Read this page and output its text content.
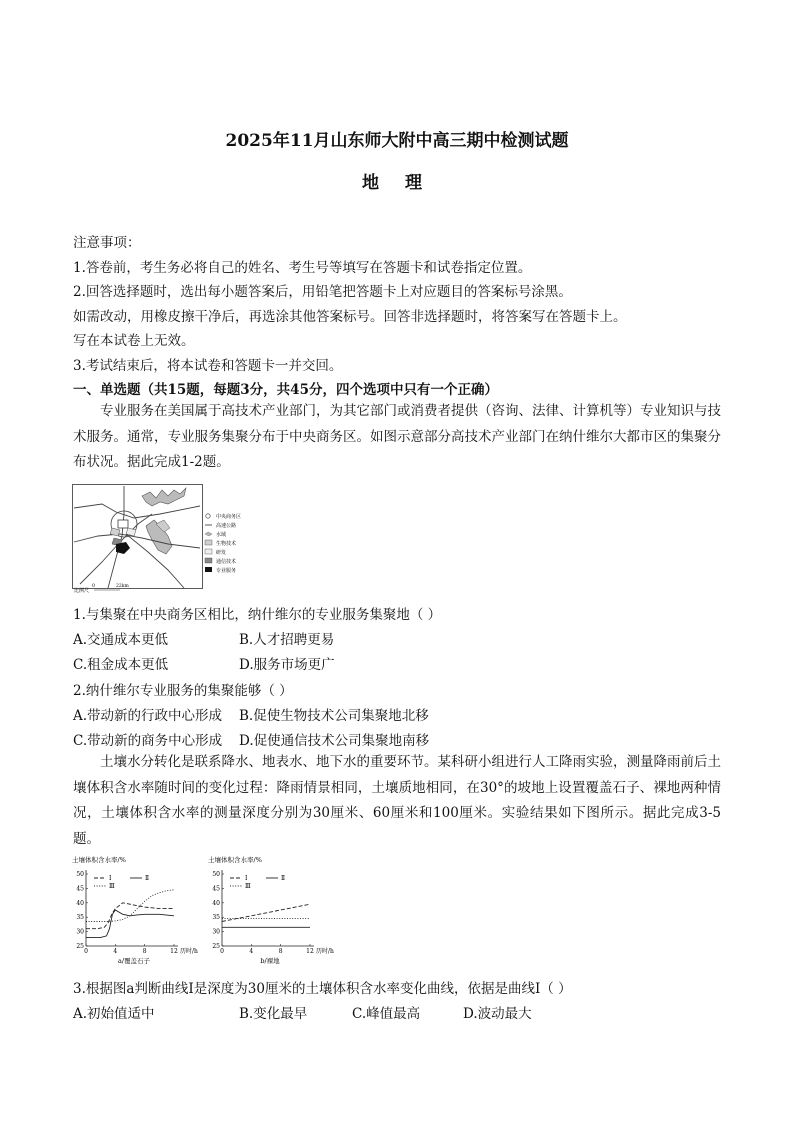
2025年11月山东师大附中高三期中检测试题
地 理
注意事项：
1.答卷前，考生务必将自己的姓名、考生号等填写在答题卡和试卷指定位置。
2.回答选择题时，选出每小题答案后，用铅笔把答题卡上对应题目的答案标号涂黑。
如需改动，用橡皮擦干净后，再选涂其他答案标号。回答非选择题时，将答案写在答题卡上。
写在本试卷上无效。
3.考试结束后，将本试卷和答题卡一并交回。
一、单选题（共15题，每题3分，共45分，四个选项中只有一个正确）

专业服务在美国属于高技术产业部门，为其它部门或消费者提供（咨询、法律、计算机等）专业知识与技术服务。通常，专业服务集聚分布于中央商务区。如图示意部分高技术产业部门在纳什维尔大都市区的集聚分布状况。据此完成1-2题。

中央商务区
高速公路
水域
生物技术
研发
通信技术
专业服务
比例尺
0	22km
1.与集聚在中央商务区相比，纳什维尔的专业服务集聚地（ ）
A.交通成本更低	B.人才招聘更易
C.租金成本更低	D.服务市场更广
2.纳什维尔专业服务的集聚能够（ ）
A.带动新的行政中心形成 B.促使生物技术公司集聚地北移
C.带动新的商务中心形成 D.促使通信技术公司集聚地南移

土壤水分转化是联系降水、地表水、地下水的重要环节。某科研小组进行人工降雨实验，测量降雨前后土壤体积含水率随时间的变化过程：降雨情景相同，土壤质地相同，在30°的坡地上设置覆盖石子、裸地两种情况，土壤体积含水率的测量深度分别为30厘米、60厘米和100厘米。实验结果如下图所示。据此完成3-5题。

土壤体积含水率/%
25
30
35
40
45
50
0	4	8	12 历时/h
a/覆盖石子
Ⅰ	Ⅱ
Ⅲ
土壤体积含水率/%
25
30
35
40
45
50
0	4	8	12 历时/h
b/裸地
Ⅰ	Ⅱ
Ⅲ
3.根据图a判断曲线Ⅰ是深度为30厘米的土壤体积含水率变化曲线，依据是曲线Ⅰ（ ）
A.初始值适中	B.变化最早	C.峰值最高	D.波动最大
